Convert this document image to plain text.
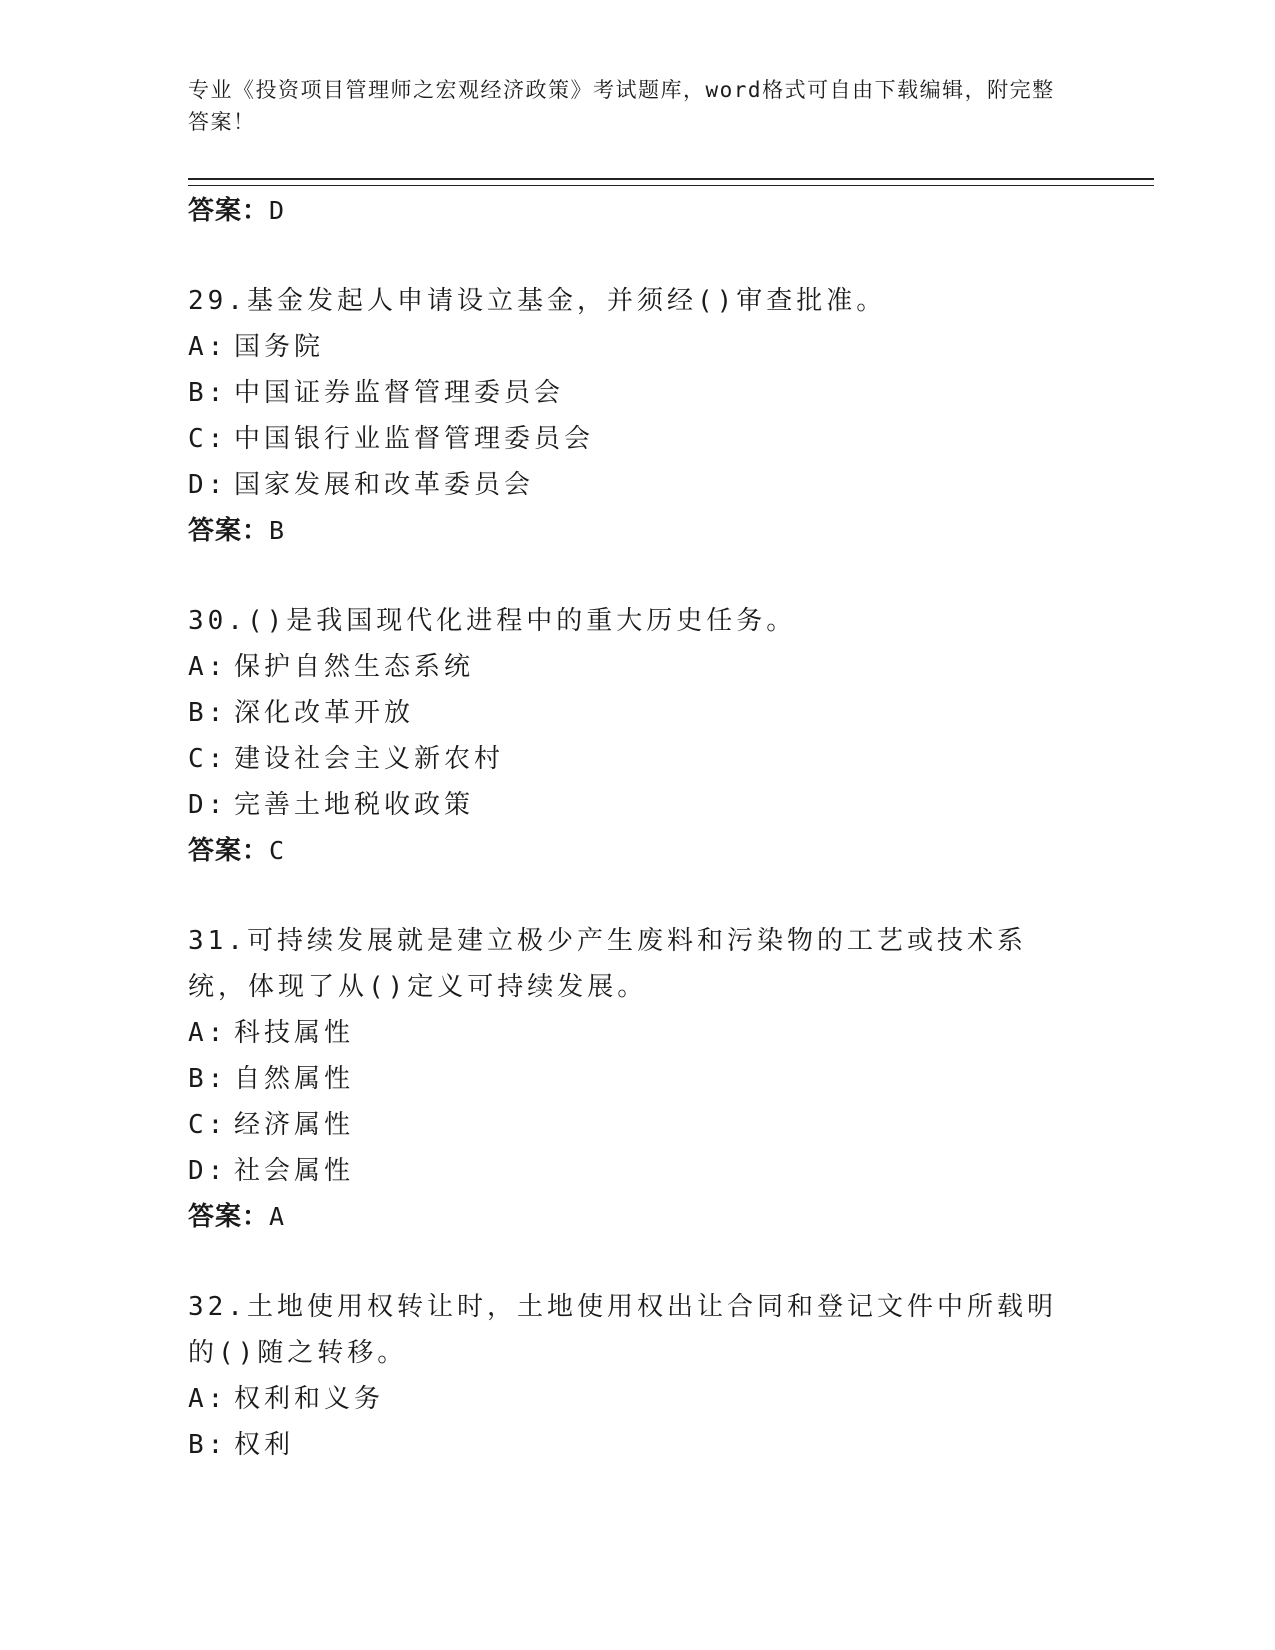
专业《投资项目管理师之宏观经济政策》考试题库，word格式可自由下载编辑，附完整答案！
答案：D
29.基金发起人申请设立基金，并须经()审查批准。
A: 国务院
B: 中国证券监督管理委员会
C: 中国银行业监督管理委员会
D: 国家发展和改革委员会
答案：B
30.()是我国现代化进程中的重大历史任务。
A: 保护自然生态系统
B: 深化改革开放
C: 建设社会主义新农村
D: 完善土地税收政策
答案：C
31.可持续发展就是建立极少产生废料和污染物的工艺或技术系统，体现了从()定义可持续发展。
A: 科技属性
B: 自然属性
C: 经济属性
D: 社会属性
答案：A
32.土地使用权转让时，土地使用权出让合同和登记文件中所载明的()随之转移。
A: 权利和义务
B: 权利
